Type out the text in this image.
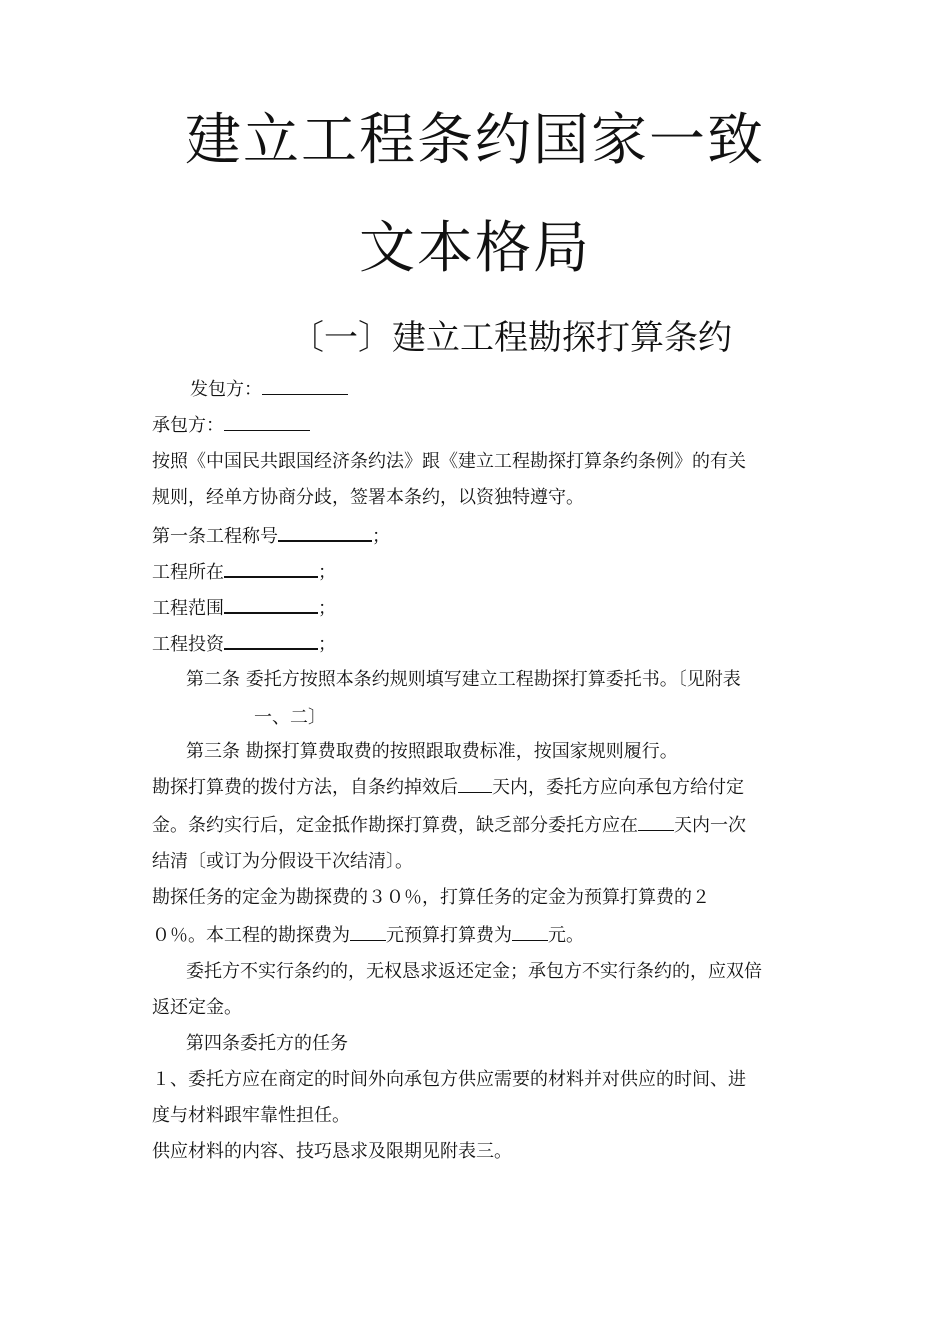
建立工程条约国家一致
文本格局
〔一〕建立工程勘探打算条约
发包方：
承包方：
按照《中国民共跟国经济条约法》跟《建立工程勘探打算条约条例》的有关
规则，经单方协商分歧，签署本条约，以资独特遵守。
第一条工程称号	；
工程所在	；
工程范围	；
工程投资	；
第二条 委托方按照本条约规则填写建立工程勘探打算委托书。〔见附表
一、二〕
第三条 勘探打算费取费的按照跟取费标准，按国家规则履行。
勘探打算费的拨付方法，自条约掉效后 天内，委托方应向承包方给付定
金。条约实行后，定金抵作勘探打算费，缺乏部分委托方应在 天内一次
结清〔或订为分假设干次结清〕。
勘探任务的定金为勘探费的３０％，打算任务的定金为预算打算费的２
０％。本工程的勘探费为 元预算打算费为 元。
委托方不实行条约的，无权恳求返还定金；承包方不实行条约的，应双倍
返还定金。
第四条委托方的任务
１、委托方应在商定的时间外向承包方供应需要的材料并对供应的时间、进
度与材料跟牢靠性担任。
供应材料的内容、技巧恳求及限期见附表三。
